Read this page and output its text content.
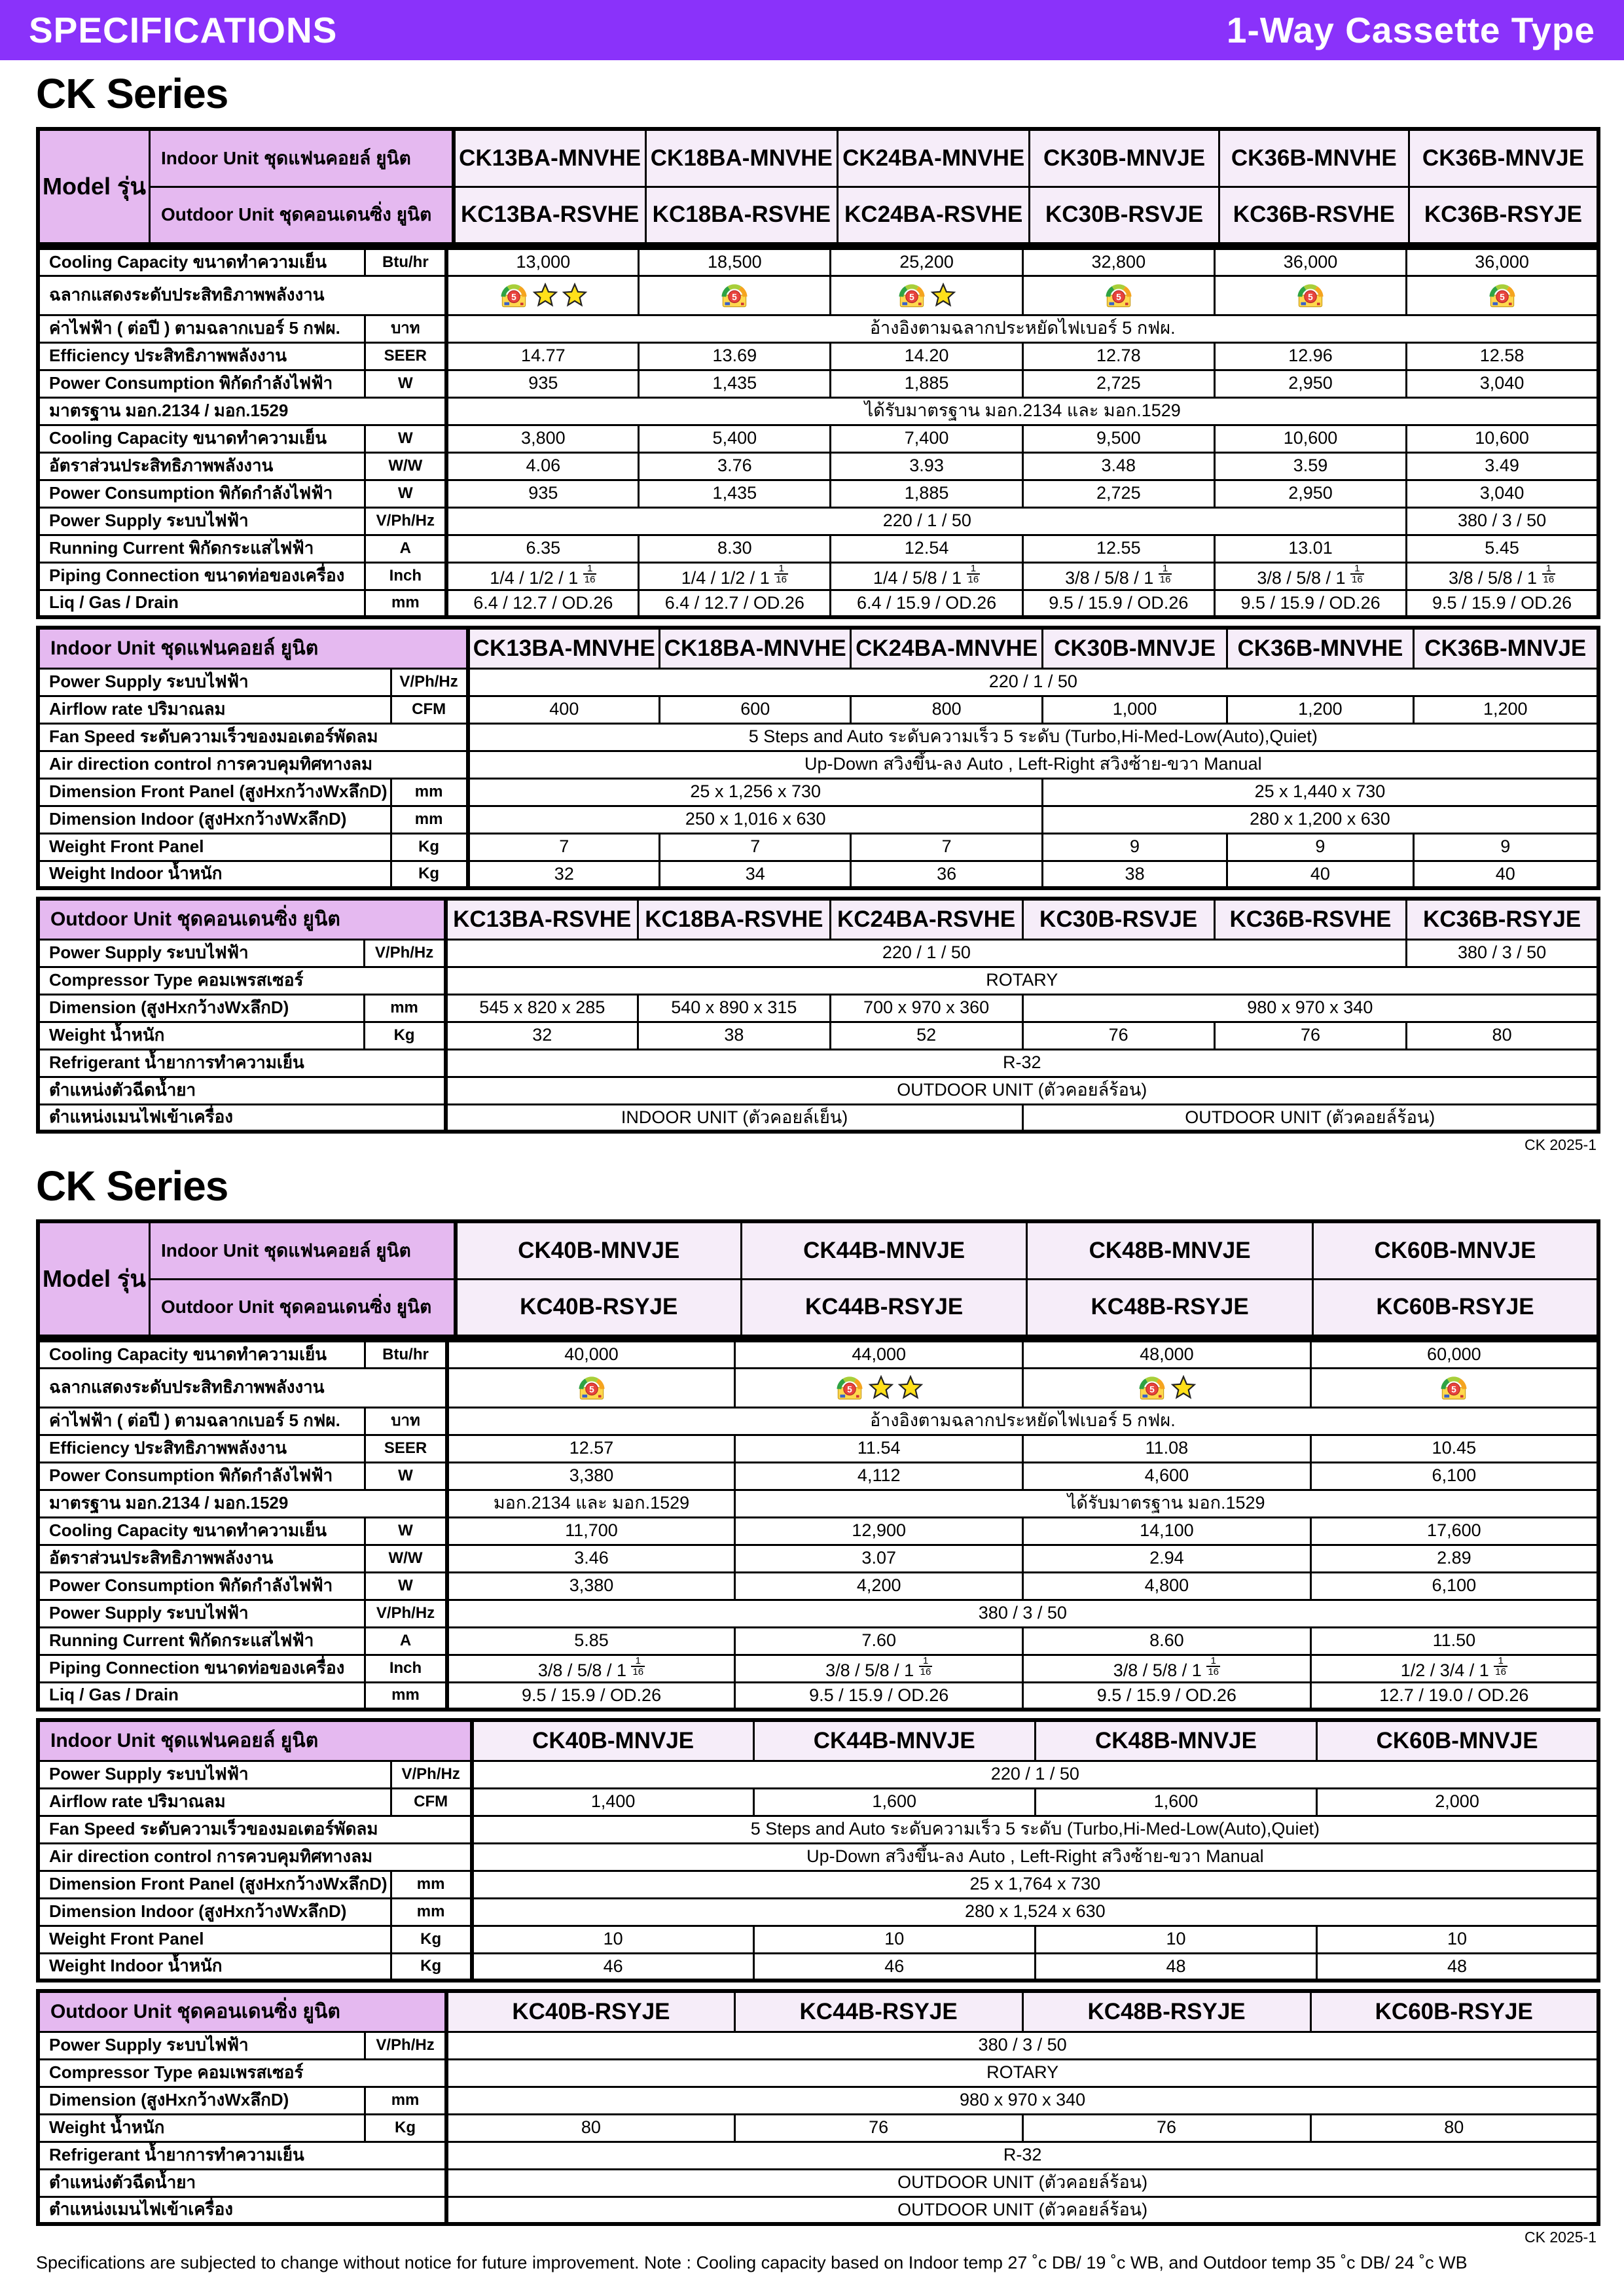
SPECIFICATIONS	1-Way Cassette Type
CK Series
Model รุ่น	Indoor Unit ชุดแฟนคอยล์ ยูนิต	CK13BA-MNVHE	CK18BA-MNVHE	CK24BA-MNVHE	CK30B-MNVJE	CK36B-MNVHE	CK36B-MNVJE
	Outdoor Unit ชุดคอนเดนซิ่ง ยูนิต	KC13BA-RSVHE	KC18BA-RSVHE	KC24BA-RSVHE	KC30B-RSVJE	KC36B-RSVHE	KC36B-RSYJE
Cooling Capacity ขนาดทำความเย็น	Btu/hr	13,000	18,500	25,200	32,800	36,000	36,000
ฉลากแสดงระดับประสิทธิภาพพลังงาน		5	5	5	5	5	5

ค่าไฟฟ้า ( ต่อปี ) ตามฉลากเบอร์ 5 กฟผ.	บาท	อ้างอิงตามฉลากประหยัดไฟเบอร์ 5 กฟผ.					
Efficiency ประสิทธิภาพพลังงาน	SEER	14.77	13.69	14.20	12.78	12.96	12.58
Power Consumption พิกัดกำลังไฟฟ้า	W	935	1,435	1,885	2,725	2,950	3,040
มาตรฐาน มอก.2134 / มอก.1529		ได้รับมาตรฐาน มอก.2134 และ มอก.1529					
Cooling Capacity ขนาดทำความเย็น	W	3,800	5,400	7,400	9,500	10,600	10,600
อัตราส่วนประสิทธิภาพพลังงาน	W/W	4.06	3.76	3.93	3.48	3.59	3.49
Power Consumption พิกัดกำลังไฟฟ้า	W	935	1,435	1,885	2,725	2,950	3,040
Power Supply ระบบไฟฟ้า	V/Ph/Hz	220 / 1 / 50					380 / 3 / 50
Running Current พิกัดกระแสไฟฟ้า	A	6.35	8.30	12.54	12.55	13.01	5.45
Piping Connection ขนาดท่อของเครื่อง	Inch	$1/4 / 1/2 / 1 \frac{1}{16}$	$1/4 / 1/2 / 1 \frac{1}{16}$	$1/4 / 5/8 / 1 \frac{1}{16}$	$3/8 / 5/8 / 1 \frac{1}{16}$	$3/8 / 5/8 / 1 \frac{1}{16}$	$3/8 / 5/8 / 1 \frac{1}{16}$

Liq / Gas / Drain	mm	6.4 / 12.7 / OD.26	6.4 / 12.7 / OD.26	6.4 / 15.9 / OD.26	9.5 / 15.9 / OD.26	9.5 / 15.9 / OD.26	9.5 / 15.9 / OD.26
Indoor Unit ชุดแฟนคอยล์ ยูนิต		CK13BA-MNVHE	CK18BA-MNVHE	CK24BA-MNVHE	CK30B-MNVJE	CK36B-MNVHE	CK36B-MNVJE
Power Supply ระบบไฟฟ้า	V/Ph/Hz	220 / 1 / 50					
Airflow rate ปริมาณลม	CFM	400	600	800	1,000	1,200	1,200
Fan Speed ระดับความเร็วของมอเตอร์พัดลม		5 Steps and Auto ระดับความเร็ว 5 ระดับ (Turbo,Hi-Med-Low(Auto),Quiet)					
Air direction control การควบคุมทิศทางลม		Up-Down สวิงขึ้น-ลง Auto , Left-Right สวิงซ้าย-ขวา Manual					
Dimension Front Panel (สูงHxกว้างWxลึกD)	mm	25 x 1,256 x 730			25 x 1,440 x 730		
Dimension Indoor (สูงHxกว้างWxลึกD)	mm	250 x 1,016 x 630			280 x 1,200 x 630		
Weight Front Panel	Kg	7	7	7	9	9	9
Weight Indoor น้ำหนัก	Kg	32	34	36	38	40	40
Outdoor Unit ชุดคอนเดนซิ่ง ยูนิต		KC13BA-RSVHE	KC18BA-RSVHE	KC24BA-RSVHE	KC30B-RSVJE	KC36B-RSVHE	KC36B-RSYJE
Power Supply ระบบไฟฟ้า	V/Ph/Hz	220 / 1 / 50					380 / 3 / 50
Compressor Type คอมเพรสเซอร์		ROTARY					
Dimension (สูงHxกว้างWxลึกD)	mm	545 x 820 x 285	540 x 890 x 315	700 x 970 x 360	980 x 970 x 340		
Weight น้ำหนัก	Kg	32	38	52	76	76	80
Refrigerant น้ำยาการทำความเย็น		R-32					
ตำแหน่งตัวฉีดน้ำยา		OUTDOOR UNIT (ตัวคอยล์ร้อน)					
ตำแหน่งเมนไฟเข้าเครื่อง		INDOOR UNIT (ตัวคอยล์เย็น)			OUTDOOR UNIT (ตัวคอยล์ร้อน)		
CK 2025-1
CK Series
Model รุ่น	Indoor Unit ชุดแฟนคอยล์ ยูนิต	CK40B-MNVJE	CK44B-MNVJE	CK48B-MNVJE	CK60B-MNVJE
	Outdoor Unit ชุดคอนเดนซิ่ง ยูนิต	KC40B-RSYJE	KC44B-RSYJE	KC48B-RSYJE	KC60B-RSYJE
Cooling Capacity ขนาดทำความเย็น	Btu/hr	40,000	44,000	48,000	60,000
ฉลากแสดงระดับประสิทธิภาพพลังงาน		5	5	5	5

ค่าไฟฟ้า ( ต่อปี ) ตามฉลากเบอร์ 5 กฟผ.	บาท	อ้างอิงตามฉลากประหยัดไฟเบอร์ 5 กฟผ.			
Efficiency ประสิทธิภาพพลังงาน	SEER	12.57	11.54	11.08	10.45
Power Consumption พิกัดกำลังไฟฟ้า	W	3,380	4,112	4,600	6,100
มาตรฐาน มอก.2134 / มอก.1529		มอก.2134 และ มอก.1529	ได้รับมาตรฐาน มอก.1529		
Cooling Capacity ขนาดทำความเย็น	W	11,700	12,900	14,100	17,600
อัตราส่วนประสิทธิภาพพลังงาน	W/W	3.46	3.07	2.94	2.89
Power Consumption พิกัดกำลังไฟฟ้า	W	3,380	4,200	4,800	6,100
Power Supply ระบบไฟฟ้า	V/Ph/Hz	380 / 3 / 50			
Running Current พิกัดกระแสไฟฟ้า	A	5.85	7.60	8.60	11.50
Piping Connection ขนาดท่อของเครื่อง	Inch	$3/8 / 5/8 / 1 \frac{1}{16}$	$3/8 / 5/8 / 1 \frac{1}{16}$	$3/8 / 5/8 / 1 \frac{1}{16}$	$1/2 / 3/4 / 1 \frac{1}{16}$

Liq / Gas / Drain	mm	9.5 / 15.9 / OD.26	9.5 / 15.9 / OD.26	9.5 / 15.9 / OD.26	12.7 / 19.0 / OD.26
Indoor Unit ชุดแฟนคอยล์ ยูนิต		CK40B-MNVJE	CK44B-MNVJE	CK48B-MNVJE	CK60B-MNVJE
Power Supply ระบบไฟฟ้า	V/Ph/Hz	220 / 1 / 50			
Airflow rate ปริมาณลม	CFM	1,400	1,600	1,600	2,000
Fan Speed ระดับความเร็วของมอเตอร์พัดลม		5 Steps and Auto ระดับความเร็ว 5 ระดับ (Turbo,Hi-Med-Low(Auto),Quiet)			
Air direction control การควบคุมทิศทางลม		Up-Down สวิงขึ้น-ลง Auto , Left-Right สวิงซ้าย-ขวา Manual			
Dimension Front Panel (สูงHxกว้างWxลึกD)	mm	25 x 1,764 x 730			
Dimension Indoor (สูงHxกว้างWxลึกD)	mm	280 x 1,524 x 630			
Weight Front Panel	Kg	10	10	10	10
Weight Indoor น้ำหนัก	Kg	46	46	48	48
Outdoor Unit ชุดคอนเดนซิ่ง ยูนิต		KC40B-RSYJE	KC44B-RSYJE	KC48B-RSYJE	KC60B-RSYJE
Power Supply ระบบไฟฟ้า	V/Ph/Hz	380 / 3 / 50			
Compressor Type คอมเพรสเซอร์		ROTARY			
Dimension (สูงHxกว้างWxลึกD)	mm	980 x 970 x 340			
Weight น้ำหนัก	Kg	80	76	76	80
Refrigerant น้ำยาการทำความเย็น		R-32			
ตำแหน่งตัวฉีดน้ำยา		OUTDOOR UNIT (ตัวคอยล์ร้อน)			
ตำแหน่งเมนไฟเข้าเครื่อง		OUTDOOR UNIT (ตัวคอยล์ร้อน)			
CK 2025-1
Specifications are subjected to change without notice for future improvement. Note : Cooling capacity based on Indoor temp 27 ˚c DB/ 19 ˚c WB, and Outdoor temp 35 ˚c DB/ 24 ˚c WB
